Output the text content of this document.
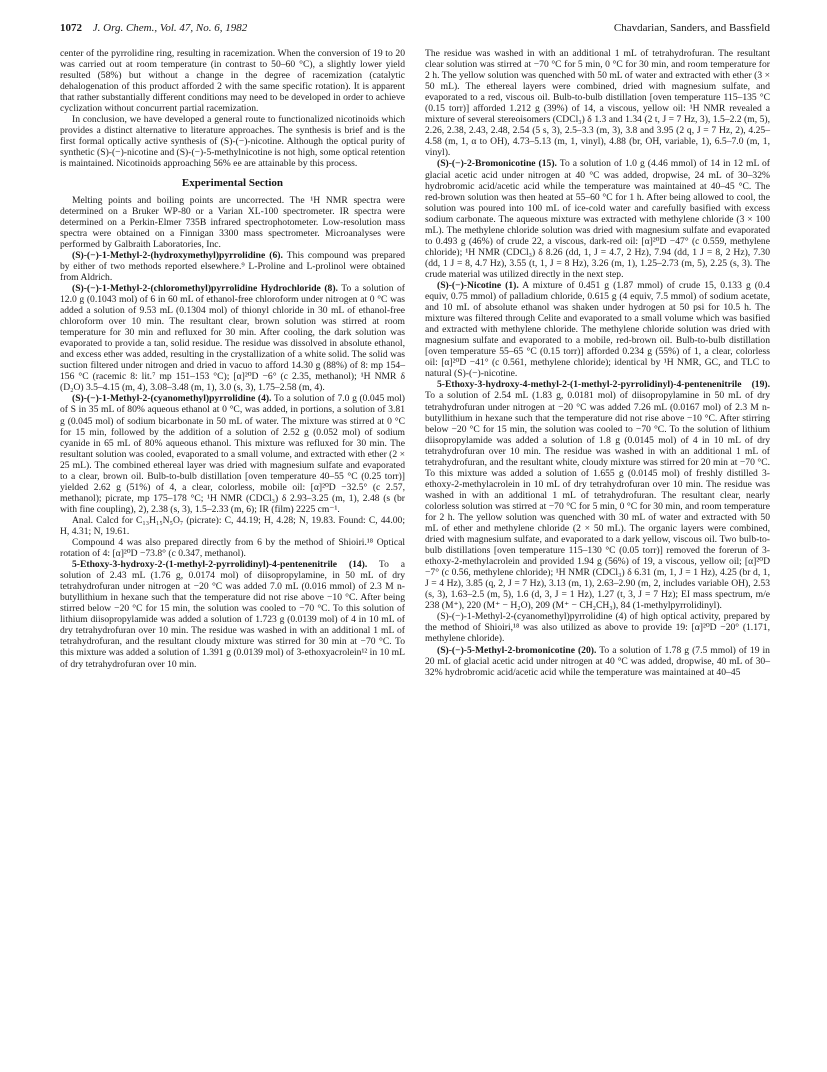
1072 J. Org. Chem., Vol. 47, No. 6, 1982	Chavdarian, Sanders, and Bassfield

center of the pyrrolidine ring, resulting in racemization. When the conversion of 19 to 20 was carried out at room temperature (in contrast to 50–60 °C), a slightly lower yield resulted (58%) but without a change in the degree of racemization (catalytic dehalogenation of this product afforded 2 with the same specific rotation). It is apparent that rather substantially different conditions may need to be developed in order to achieve cyclization without concurrent partial racemization.

In conclusion, we have developed a general route to functionalized nicotinoids which provides a distinct alternative to literature approaches. The synthesis is brief and is the first formal optically active synthesis of (S)-(−)-nicotine. Although the optical purity of synthetic (S)-(−)-nicotine and (S)-(−)-5-methylnicotine is not high, some optical retention is maintained. Nicotinoids approaching 56% ee are attainable by this process.

Experimental Section

Melting points and boiling points are uncorrected. The ¹H NMR spectra were determined on a Bruker WP-80 or a Varian XL-100 spectrometer. IR spectra were determined on a Perkin-Elmer 735B infrared spectrophotometer. Low-resolution mass spectra were obtained on a Finnigan 3300 mass spectrometer. Microanalyses were performed by Galbraith Laboratories, Inc.

(S)-(−)-1-Methyl-2-(hydroxymethyl)pyrrolidine (6). This compound was prepared by either of two methods reported elsewhere.⁹ L-Proline and L-prolinol were obtained from Aldrich.

(S)-(−)-1-Methyl-2-(chloromethyl)pyrrolidine Hydrochloride (8). To a solution of 12.0 g (0.1043 mol) of 6 in 60 mL of ethanol-free chloroform under nitrogen at 0 °C was added a solution of 9.53 mL (0.1304 mol) of thionyl chloride in 30 mL of ethanol-free chloroform over 10 min. The resultant clear, brown solution was stirred at room temperature for 30 min and refluxed for 30 min. After cooling, the dark solution was evaporated to provide a tan, solid residue. The residue was dissolved in absolute ethanol, and excess ether was added, resulting in the crystallization of a white solid. The solid was suction filtered under nitrogen and dried in vacuo to afford 14.30 g (88%) of 8: mp 154–156 °C (racemic 8: lit.⁷ mp 151–153 °C); [α]²⁰D −6° (c 2.35, methanol); ¹H NMR δ (D₂O) 3.5–4.15 (m, 4), 3.08–3.48 (m, 1), 3.0 (s, 3), 1.75–2.58 (m, 4).

(S)-(−)-1-Methyl-2-(cyanomethyl)pyrrolidine (4). To a solution of 7.0 g (0.045 mol) of S in 35 mL of 80% aqueous ethanol at 0 °C, was added, in portions, a solution of 3.81 g (0.045 mol) of sodium bicarbonate in 50 mL of water. The mixture was stirred at 0 °C for 15 min, followed by the addition of a solution of 2.52 g (0.052 mol) of sodium cyanide in 65 mL of 80% aqueous ethanol. This mixture was refluxed for 30 min. The resultant solution was cooled, evaporated to a small volume, and extracted with ether (2 × 25 mL). The combined ethereal layer was dried with magnesium sulfate and evaporated to a clear, brown oil. Bulb-to-bulb distillation [oven temperature 40–55 °C (0.25 torr)] yielded 2.62 g (51%) of 4, a clear, colorless, mobile oil: [α]²⁰D −32.5° (c 2.57, methanol); picrate, mp 175–178 °C; ¹H NMR (CDCl₃) δ 2.93–3.25 (m, 1), 2.48 (s (br with fine coupling), 2), 2.38 (s, 3), 1.5–2.33 (m, 6); IR (film) 2225 cm⁻¹.

Anal. Calcd for C₁₃H₁₅N₅O₇ (picrate): C, 44.19; H, 4.28; N, 19.83. Found: C, 44.00; H, 4.31; N, 19.61.

Compound 4 was also prepared directly from 6 by the method of Shioiri.¹⁸ Optical rotation of 4: [α]²⁰D −73.8° (c 0.347, methanol).

5-Ethoxy-3-hydroxy-2-(1-methyl-2-pyrrolidinyl)-4-pentenenitrile (14). To a solution of 2.43 mL (1.76 g, 0.0174 mol) of diisopropylamine, in 50 mL of dry tetrahydrofuran under nitrogen at −20 °C was added 7.0 mL (0.016 mmol) of 2.3 M n-butyllithium in hexane such that the temperature did not rise above −10 °C. After being stirred below −20 °C for 15 min, the solution was cooled to −70 °C. To this solution of lithium diisopropylamide was added a solution of 1.723 g (0.0139 mol) of 4 in 10 mL of dry tetrahydrofuran over 10 min. The residue was washed in with an additional 1 mL of tetrahydrofuran, and the resultant cloudy mixture was stirred for 30 min at −70 °C. To this mixture was added a solution of 1.391 g (0.0139 mol) of 3-ethoxyacrolein¹² in 10 mL of dry tetrahydrofuran over 10 min.

The residue was washed in with an additional 1 mL of tetrahydrofuran. The resultant clear solution was stirred at −70 °C for 5 min, 0 °C for 30 min, and room temperature for 2 h. The yellow solution was quenched with 50 mL of water and extracted with ether (3 × 50 mL). The ethereal layers were combined, dried with magnesium sulfate, and evaporated to a red, viscous oil. Bulb-to-bulb distillation [oven temperature 115–135 °C (0.15 torr)] afforded 1.212 g (39%) of 14, a viscous, yellow oil: ¹H NMR revealed a mixture of several stereoisomers (CDCl₃) δ 1.3 and 1.34 (2 t, J = 7 Hz, 3), 1.5–2.2 (m, 5), 2.26, 2.38, 2.43, 2.48, 2.54 (5 s, 3), 2.5–3.3 (m, 3), 3.8 and 3.95 (2 q, J = 7 Hz, 2), 4.25–4.58 (m, 1, α to OH), 4.73–5.13 (m, 1, vinyl), 4.88 (br, OH, variable, 1), 6.5–7.0 (m, 1, vinyl).

(S)-(−)-2-Bromonicotine (15). To a solution of 1.0 g (4.46 mmol) of 14 in 12 mL of glacial acetic acid under nitrogen at 40 °C was added, dropwise, 24 mL of 30–32% hydrobromic acid/acetic acid while the temperature was maintained at 40–45 °C. The red-brown solution was then heated at 55–60 °C for 1 h. After being allowed to cool, the solution was poured into 100 mL of ice-cold water and carefully basified with excess sodium carbonate. The aqueous mixture was extracted with methylene chloride (3 × 100 mL). The methylene chloride solution was dried with magnesium sulfate and evaporated to 0.493 g (46%) of crude 22, a viscous, dark-red oil: [α]²⁰D −47° (c 0.559, methylene chloride); ¹H NMR (CDCl₃) δ 8.26 (dd, 1, J = 4.7, 2 Hz), 7.94 (dd, 1 J = 8, 2 Hz), 7.30 (dd, 1 J = 8, 4.7 Hz), 3.55 (t, 1, J = 8 Hz), 3.26 (m, 1), 1.25–2.73 (m, 5), 2.25 (s, 3). The crude material was utilized directly in the next step.

(S)-(−)-Nicotine (1). A mixture of 0.451 g (1.87 mmol) of crude 15, 0.133 g (0.4 equiv, 0.75 mmol) of palladium chloride, 0.615 g (4 equiv, 7.5 mmol) of sodium acetate, and 10 mL of absolute ethanol was shaken under hydrogen at 50 psi for 10.5 h. The mixture was filtered through Celite and evaporated to a small volume which was basified and extracted with methylene chloride. The methylene chloride solution was dried with magnesium sulfate and evaporated to a mobile, red-brown oil. Bulb-to-bulb distillation [oven temperature 55–65 °C (0.15 torr)] afforded 0.234 g (55%) of 1, a clear, colorless oil: [α]²⁰D −41° (c 0.561, methylene chloride); identical by ¹H NMR, GC, and TLC to natural (S)-(−)-nicotine.

5-Ethoxy-3-hydroxy-4-methyl-2-(1-methyl-2-pyrrolidinyl)-4-pentenenitrile (19). To a solution of 2.54 mL (1.83 g, 0.0181 mol) of diisopropylamine in 50 mL of dry tetrahydrofuran under nitrogen at −20 °C was added 7.26 mL (0.0167 mol) of 2.3 M n-butyllithium in hexane such that the temperature did not rise above −10 °C. After stirring below −20 °C for 15 min, the solution was cooled to −70 °C. To the solution of lithium diisopropylamide was added a solution of 1.8 g (0.0145 mol) of 4 in 10 mL of dry tetrahydrofuran over 10 min. The residue was washed in with an additional 1 mL of tetrahydrofuran, and the resultant white, cloudy mixture was stirred for 20 min at −70 °C. To this mixture was added a solution of 1.655 g (0.0145 mol) of freshly distilled 3-ethoxy-2-methylacrolein in 10 mL of dry tetrahydrofuran over 10 min. The residue was washed in with an additional 1 mL of tetrahydrofuran. The resultant clear, nearly colorless solution was stirred at −70 °C for 5 min, 0 °C for 30 min, and room temperature for 2 h. The yellow solution was quenched with 30 mL of water and extracted with 50 mL of ether and methylene chloride (2 × 50 mL). The organic layers were combined, dried with magnesium sulfate, and evaporated to a dark yellow, viscous oil. Two bulb-to-bulb distillations [oven temperature 115–130 °C (0.05 torr)] removed the forerun of 3-ethoxy-2-methylacrolein and provided 1.94 g (56%) of 19, a viscous, yellow oil; [α]²⁰D −7° (c 0.56, methylene chloride); ¹H NMR (CDCl₃) δ 6.31 (m, 1, J = 1 Hz), 4.25 (br d, 1, J = 4 Hz), 3.85 (q, 2, J = 7 Hz), 3.13 (m, 1), 2.63–2.90 (m, 2, includes variable OH), 2.53 (s, 3), 1.63–2.5 (m, 5), 1.6 (d, 3, J = 1 Hz), 1.27 (t, 3, J = 7 Hz); EI mass spectrum, m/e 238 (M⁺), 220 (M⁺ − H₂O), 209 (M⁺ − CH₂CH₃), 84 (1-methylpyrrolidinyl).

(S)-(−)-1-Methyl-2-(cyanomethyl)pyrrolidine (4) of high optical activity, prepared by the method of Shioiri,¹⁸ was also utilized as above to provide 19: [α]²⁰D −20° (1.171, methylene chloride).

(S)-(−)-5-Methyl-2-bromonicotine (20). To a solution of 1.78 g (7.5 mmol) of 19 in 20 mL of glacial acetic acid under nitrogen at 40 °C was added, dropwise, 40 mL of 30–32% hydrobromic acid/acetic acid while the temperature was maintained at 40–45
